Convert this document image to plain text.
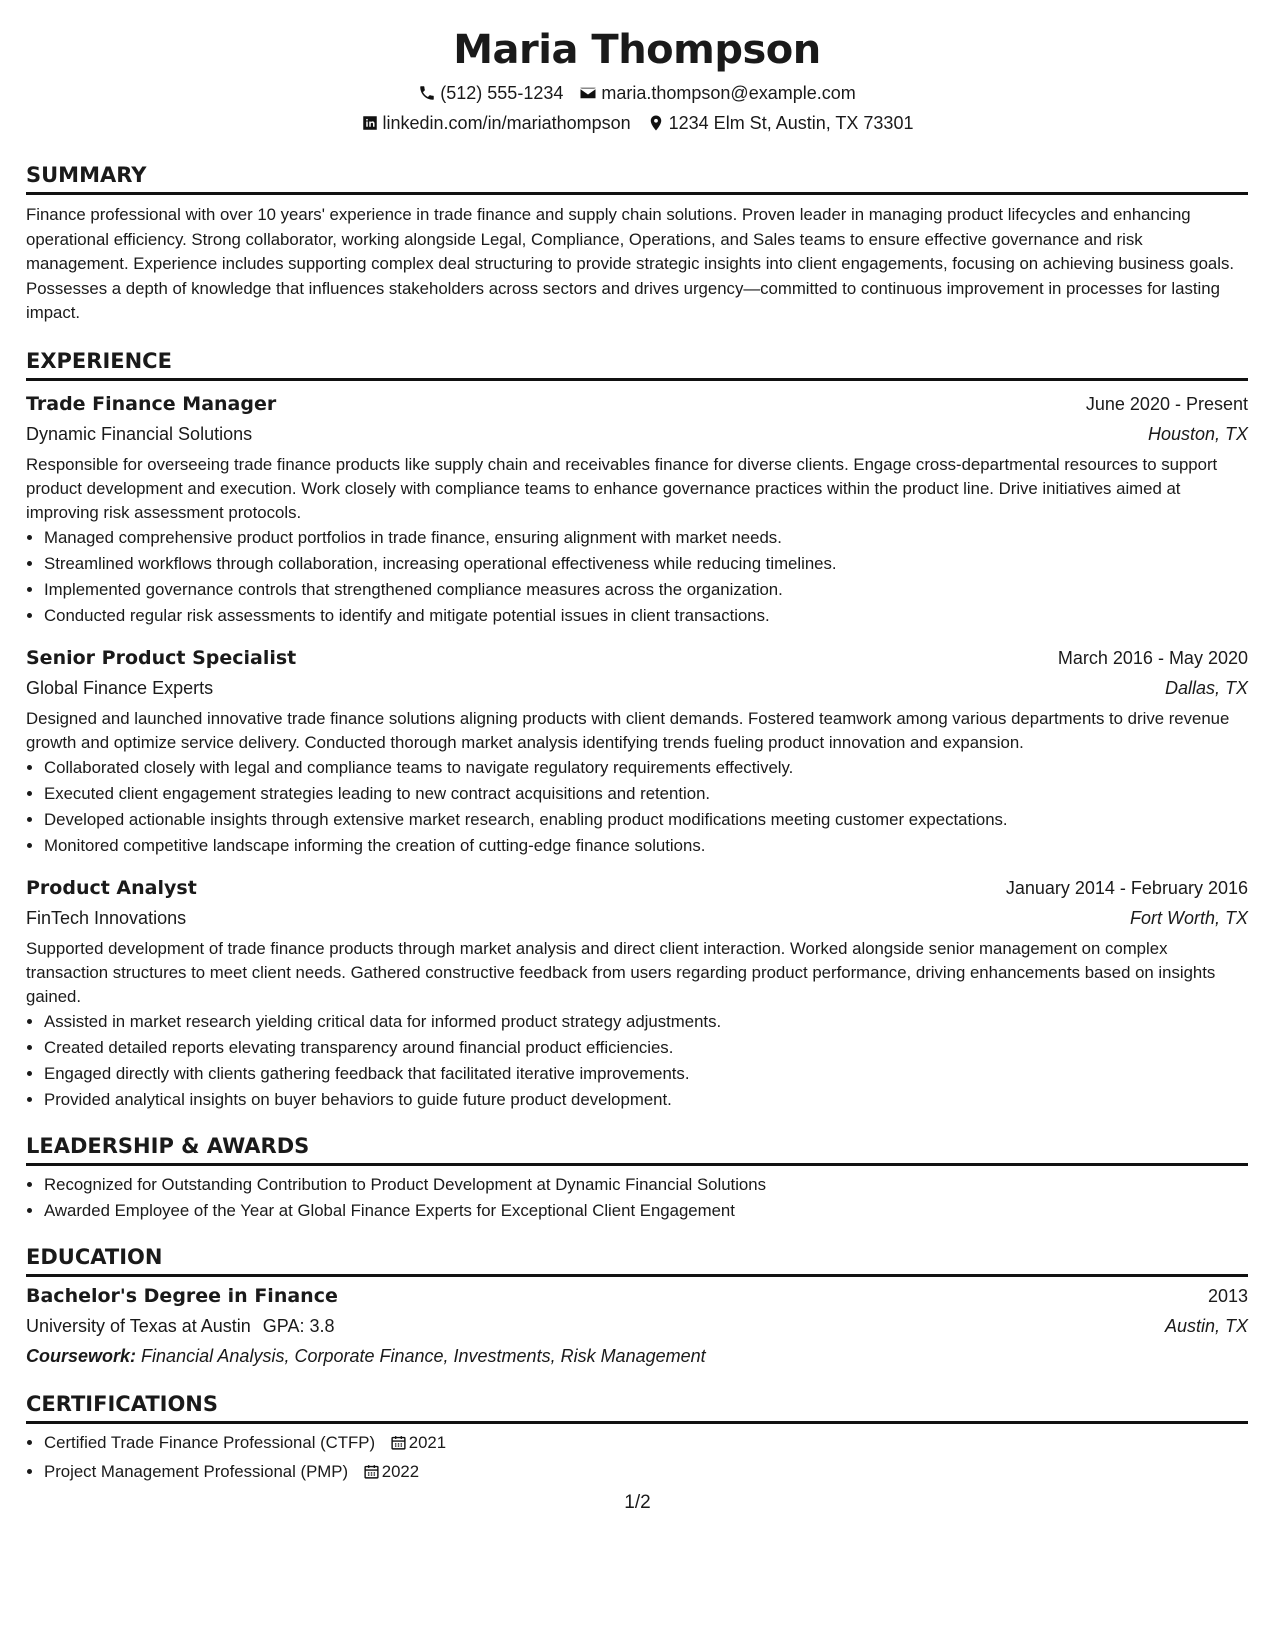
Maria Thompson
(512) 555-1234 maria.thompson@example.com
linkedin.com/in/mariathompson 1234 Elm St, Austin, TX 73301
SUMMARY
Finance professional with over 10 years' experience in trade finance and supply chain solutions. Proven leader in managing product lifecycles and enhancing operational efficiency. Strong collaborator, working alongside Legal, Compliance, Operations, and Sales teams to ensure effective governance and risk management. Experience includes supporting complex deal structuring to provide strategic insights into client engagements, focusing on achieving business goals. Possesses a depth of knowledge that influences stakeholders across sectors and drives urgency—committed to continuous improvement in processes for lasting impact.
EXPERIENCE
Trade Finance Manager	June 2020 - Present
Dynamic Financial Solutions	Houston, TX
Responsible for overseeing trade finance products like supply chain and receivables finance for diverse clients. Engage cross-departmental resources to support product development and execution. Work closely with compliance teams to enhance governance practices within the product line. Drive initiatives aimed at improving risk assessment protocols.
• Managed comprehensive product portfolios in trade finance, ensuring alignment with market needs.
• Streamlined workflows through collaboration, increasing operational effectiveness while reducing timelines.
• Implemented governance controls that strengthened compliance measures across the organization.
• Conducted regular risk assessments to identify and mitigate potential issues in client transactions.
Senior Product Specialist	March 2016 - May 2020
Global Finance Experts	Dallas, TX
Designed and launched innovative trade finance solutions aligning products with client demands. Fostered teamwork among various departments to drive revenue growth and optimize service delivery. Conducted thorough market analysis identifying trends fueling product innovation and expansion.
• Collaborated closely with legal and compliance teams to navigate regulatory requirements effectively.
• Executed client engagement strategies leading to new contract acquisitions and retention.
• Developed actionable insights through extensive market research, enabling product modifications meeting customer expectations.
• Monitored competitive landscape informing the creation of cutting-edge finance solutions.
Product Analyst	January 2014 - February 2016
FinTech Innovations	Fort Worth, TX
Supported development of trade finance products through market analysis and direct client interaction. Worked alongside senior management on complex transaction structures to meet client needs. Gathered constructive feedback from users regarding product performance, driving enhancements based on insights gained.
• Assisted in market research yielding critical data for informed product strategy adjustments.
• Created detailed reports elevating transparency around financial product efficiencies.
• Engaged directly with clients gathering feedback that facilitated iterative improvements.
• Provided analytical insights on buyer behaviors to guide future product development.
LEADERSHIP & AWARDS
• Recognized for Outstanding Contribution to Product Development at Dynamic Financial Solutions
• Awarded Employee of the Year at Global Finance Experts for Exceptional Client Engagement
EDUCATION
Bachelor's Degree in Finance	2013
University of Texas at Austin GPA: 3.8	Austin, TX
Coursework: Financial Analysis, Corporate Finance, Investments, Risk Management
CERTIFICATIONS
• Certified Trade Finance Professional (CTFP) 2021
• Project Management Professional (PMP) 2022
1/2
